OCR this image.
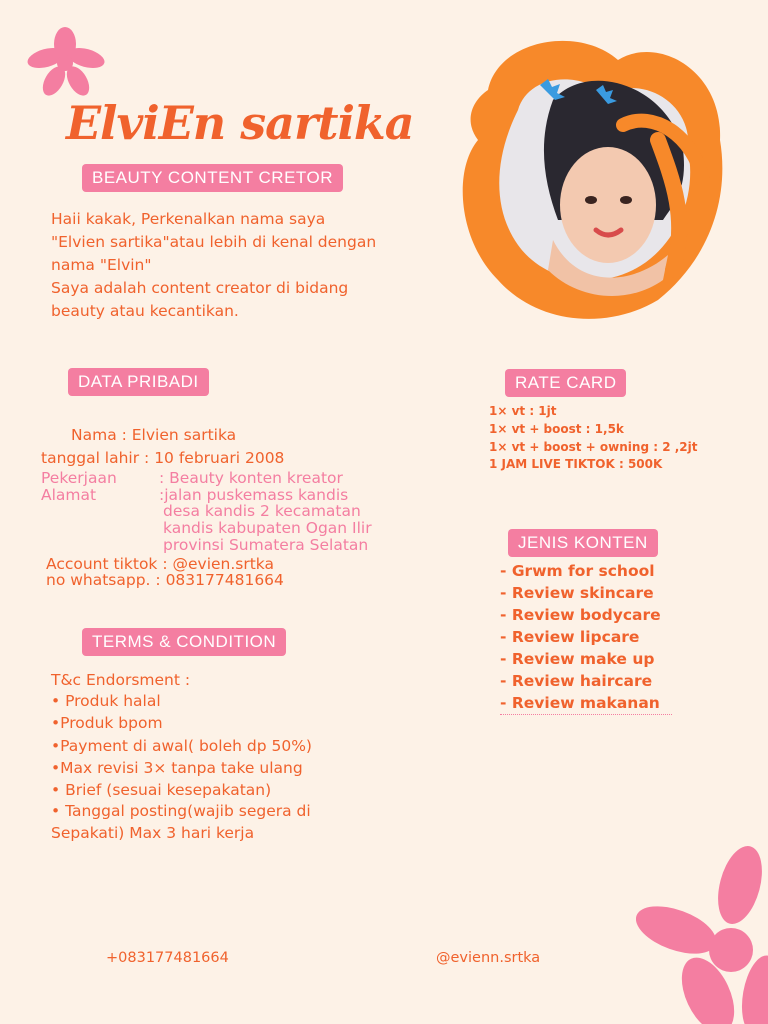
ElviEn sartika
BEAUTY CONTENT CRETOR
Haii kakak, Perkenalkan nama saya
"Elvien sartika"atau lebih di kenal dengan
nama "Elvin"
Saya adalah content creator di bidang
beauty atau kecantikan.
DATA PRIBADI
Nama : Elvien sartika
tanggal lahir : 10 februari 2008
Pekerjaan	: Beauty konten kreator
Alamat	:jalan puskemass kandis
desa kandis 2 kecamatan
kandis kabupaten Ogan Ilir
provinsi Sumatera Selatan
Account tiktok : @evien.srtka
no whatsapp. : 083177481664
TERMS & CONDITION
T&c Endorsment :
• Produk halal
•Produk bpom
•Payment di awal( boleh dp 50%)
•Max revisi 3× tanpa take ulang
• Brief (sesuai kesepakatan)
• Tanggal posting(wajib segera di
Sepakati) Max 3 hari kerja
RATE CARD
1× vt : 1jt
1× vt + boost : 1,5k
1× vt + boost + owning : 2 ,2jt
1 JAM LIVE TIKTOK : 500K
JENIS KONTEN
- Grwm for school
- Review skincare
- Review bodycare
- Review lipcare
- Review make up
- Review haircare
- Review makanan
+083177481664	@evienn.srtka
